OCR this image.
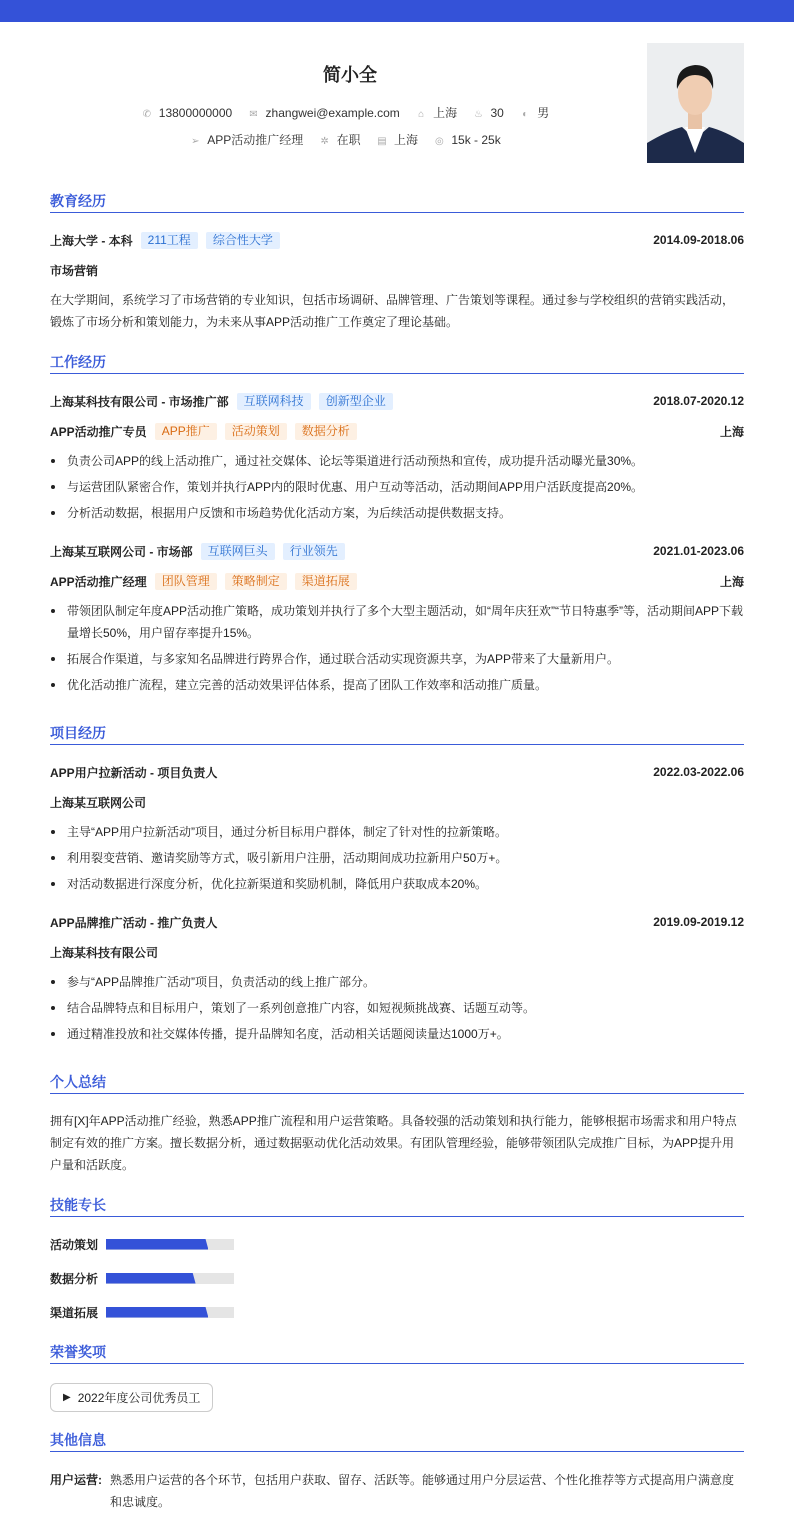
简小全
✆ 13800000000 ✉ zhangwei@example.com ⌂ 上海 ♨ 30 ◐ 男
➢ APP活动推广经理 ✲ 在职 ▤ 上海 ◎ 15k - 25k
教育经历
上海大学 - 本科	211工程	综合性大学	2014.09-2018.06
市场营销
在大学期间，系统学习了市场营销的专业知识，包括市场调研、品牌管理、广告策划等课程。通过参与学校组织的营销实践活动，锻炼了市场分析和策划能力，为未来从事APP活动推广工作奠定了理论基础。
工作经历
上海某科技有限公司 - 市场推广部	互联网科技	创新型企业	2018.07-2020.12
APP活动推广专员	APP推广	活动策划	数据分析	上海
负责公司APP的线上活动推广，通过社交媒体、论坛等渠道进行活动预热和宣传，成功提升活动曝光量30%。
与运营团队紧密合作，策划并执行APP内的限时优惠、用户互动等活动，活动期间APP用户活跃度提高20%。
分析活动数据，根据用户反馈和市场趋势优化活动方案，为后续活动提供数据支持。
上海某互联网公司 - 市场部	互联网巨头	行业领先	2021.01-2023.06
APP活动推广经理	团队管理	策略制定	渠道拓展	上海
带领团队制定年度APP活动推广策略，成功策划并执行了多个大型主题活动，如“周年庆狂欢”“节日特惠季”等，活动期间APP下载量增长50%，用户留存率提升15%。
拓展合作渠道，与多家知名品牌进行跨界合作，通过联合活动实现资源共享，为APP带来了大量新用户。
优化活动推广流程，建立完善的活动效果评估体系，提高了团队工作效率和活动推广质量。
项目经历
APP用户拉新活动 - 项目负责人	2022.03-2022.06
上海某互联网公司
主导“APP用户拉新活动”项目，通过分析目标用户群体，制定了针对性的拉新策略。
利用裂变营销、邀请奖励等方式，吸引新用户注册，活动期间成功拉新用户50万+。
对活动数据进行深度分析，优化拉新渠道和奖励机制，降低用户获取成本20%。
APP品牌推广活动 - 推广负责人	2019.09-2019.12
上海某科技有限公司
参与“APP品牌推广活动”项目，负责活动的线上推广部分。
结合品牌特点和目标用户，策划了一系列创意推广内容，如短视频挑战赛、话题互动等。
通过精准投放和社交媒体传播，提升品牌知名度，活动相关话题阅读量达1000万+。
个人总结
拥有[X]年APP活动推广经验，熟悉APP推广流程和用户运营策略。具备较强的活动策划和执行能力，能够根据市场需求和用户特点制定有效的推广方案。擅长数据分析，通过数据驱动优化活动效果。有团队管理经验，能够带领团队完成推广目标，为APP提升用户量和活跃度。
技能专长
活动策划
数据分析
渠道拓展
荣誉奖项
▶ 2022年度公司优秀员工
其他信息
用户运营: 熟悉用户运营的各个环节，包括用户获取、留存、活跃等。能够通过用户分层运营、个性化推荐等方式提高用户满意度和忠诚度。
